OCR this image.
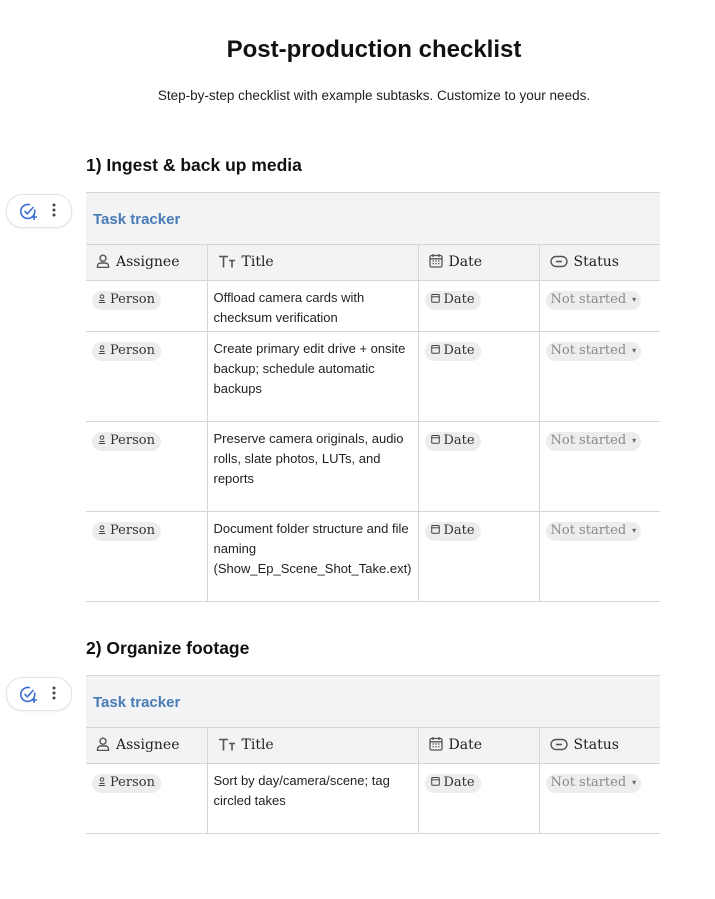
Post-production checklist
Step-by-step checklist with example subtasks. Customize to your needs.
1) Ingest & back up media
Task tracker
Assignee	Title	Date	Status

Person	Offload camera cards with checksum verification	Date	Not started ▾

Person	Create primary edit drive + onsite backup; schedule automatic backups	Date	Not started ▾

Person	Preserve camera originals, audio rolls, slate photos, LUTs, and reports	Date	Not started ▾

Person	Document folder structure and file naming (Show_Ep_Scene_Shot_Take.ext)	Date	Not started ▾
2) Organize footage
Task tracker
Assignee	Title	Date	Status

Person	Sort by day/camera/scene; tag circled takes	Date	Not started ▾
